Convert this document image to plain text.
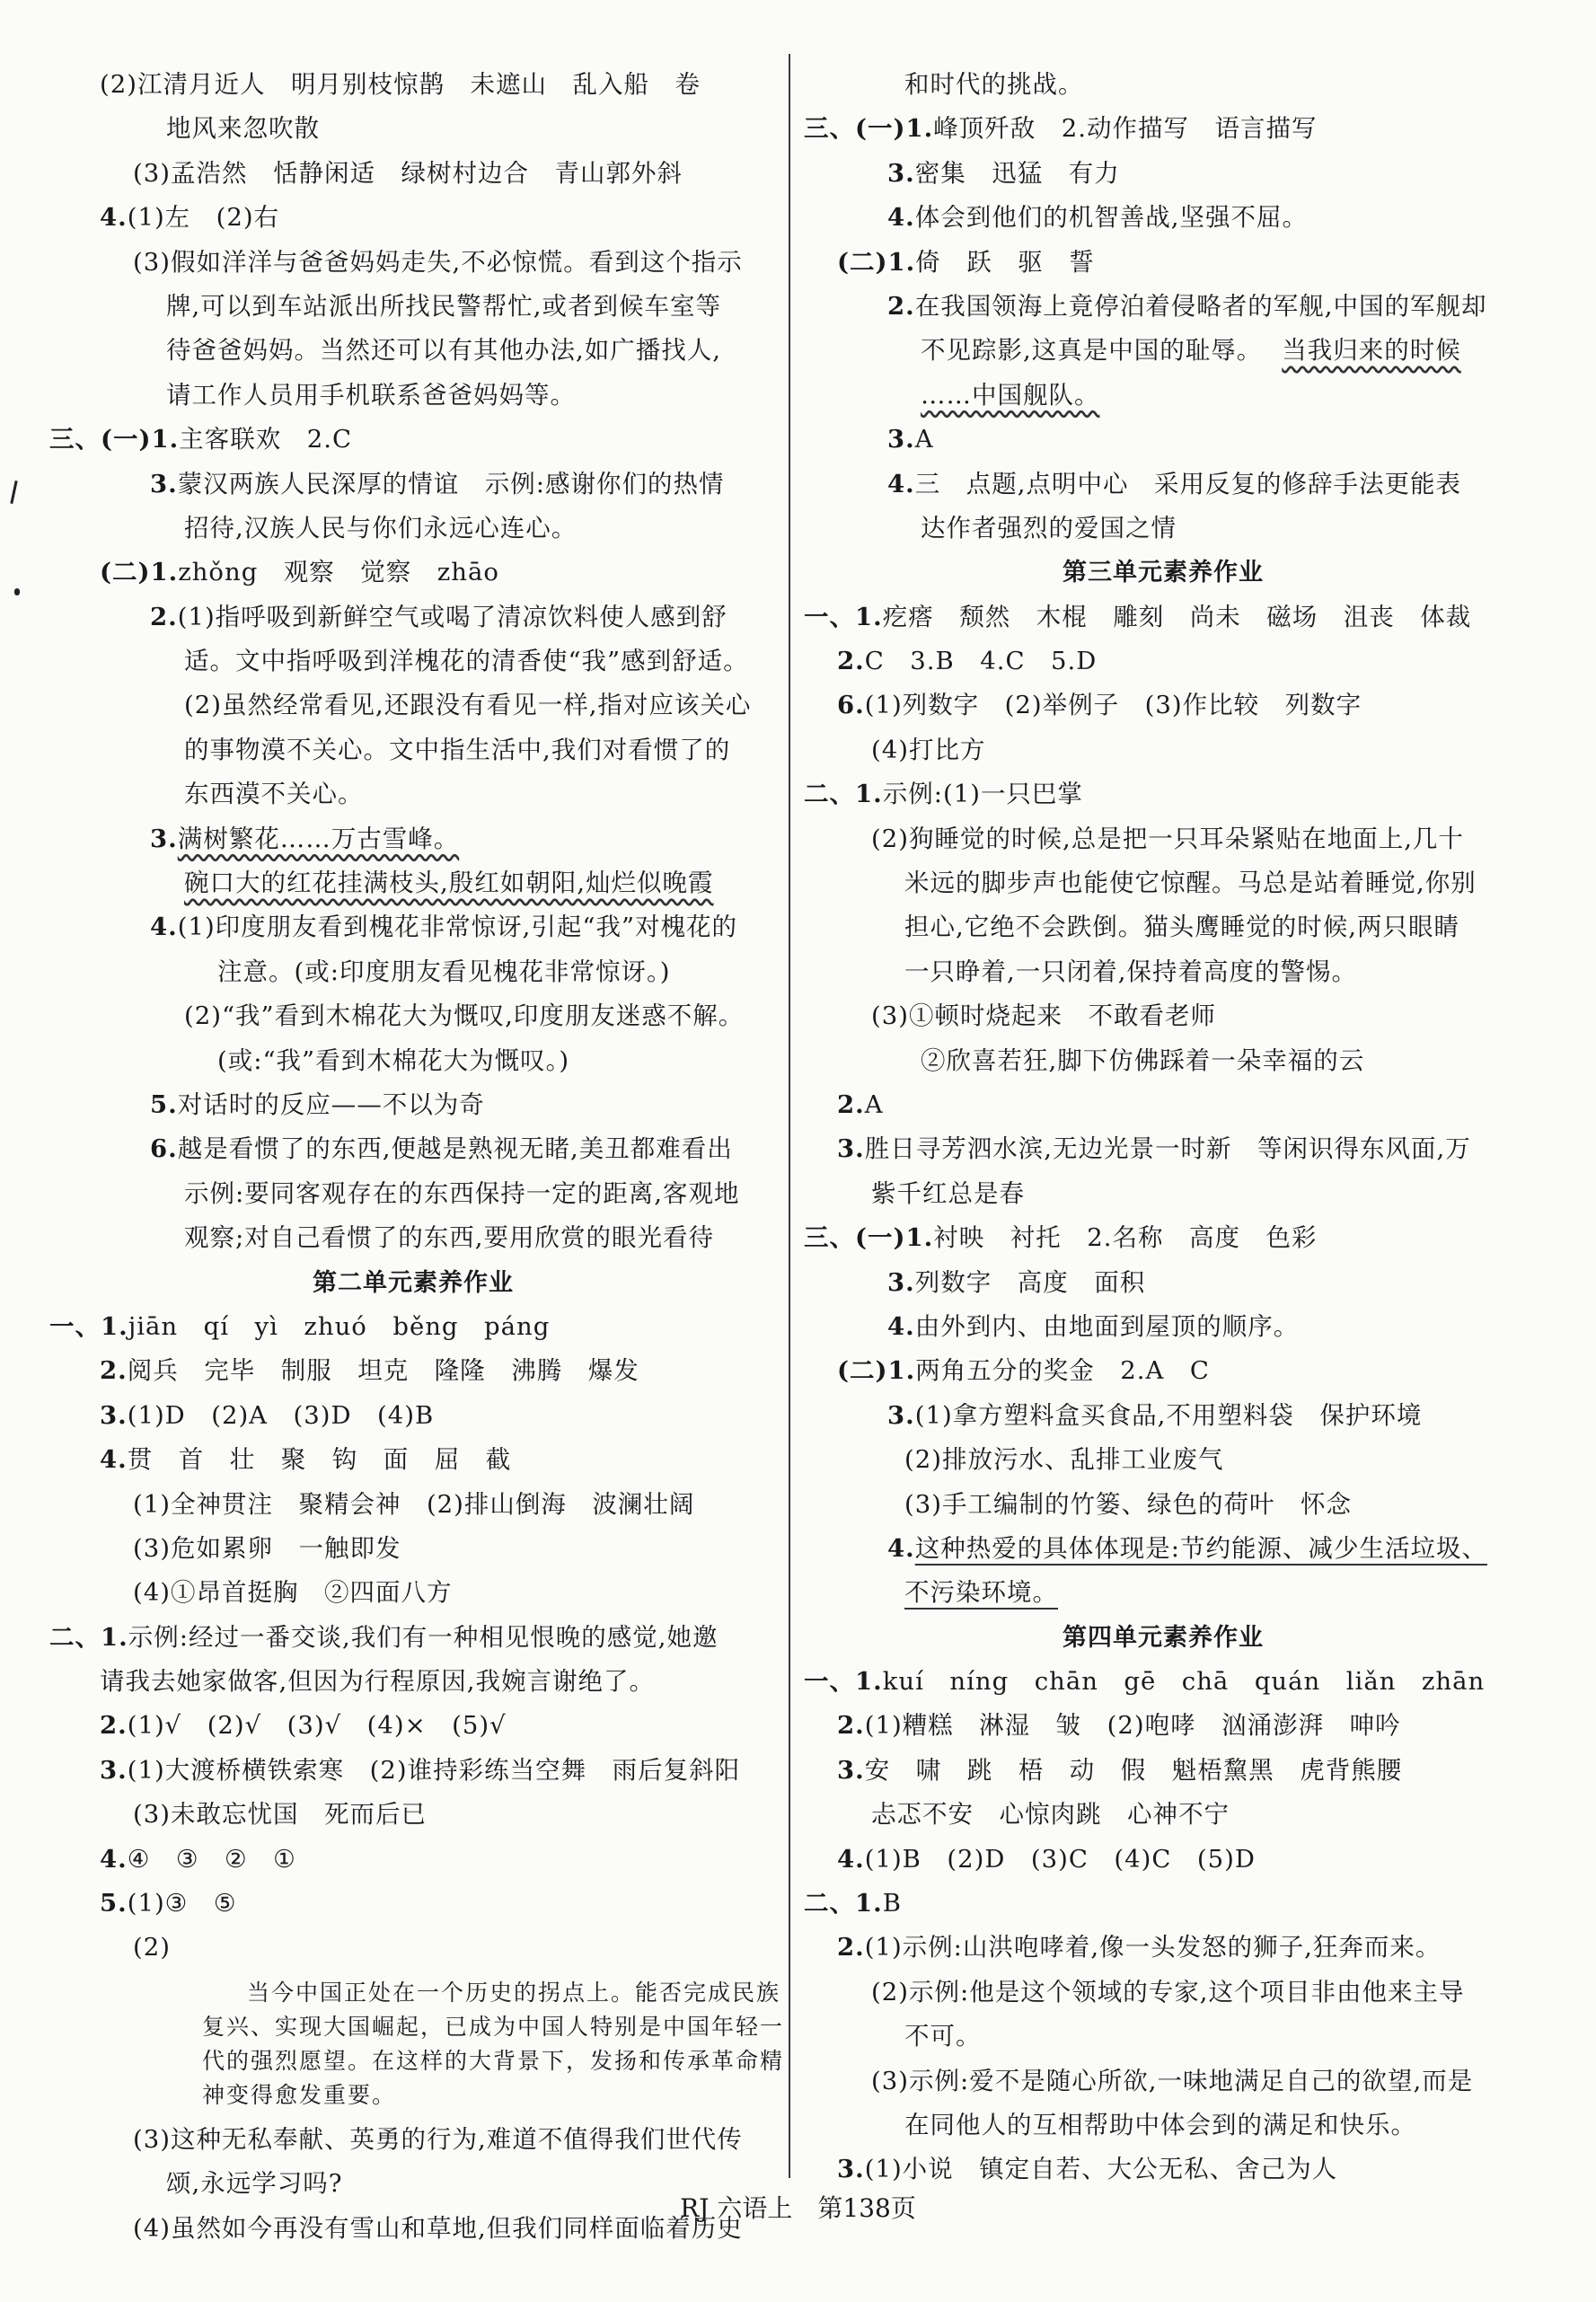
(2)江清月近人　明月别枝惊鹊　未遮山　乱入船　卷
地风来忽吹散
(3)孟浩然　恬静闲适　绿树村边合　青山郭外斜
4.(1)左　(2)右
(3)假如洋洋与爸爸妈妈走失,不必惊慌。看到这个指示
牌,可以到车站派出所找民警帮忙,或者到候车室等
待爸爸妈妈。当然还可以有其他办法,如广播找人,
请工作人员用手机联系爸爸妈妈等。
三、(一)1.主客联欢　2.C
3.蒙汉两族人民深厚的情谊　示例:感谢你们的热情
招待,汉族人民与你们永远心连心。
(二)1.zhǒng　观察　觉察　zhāo
2.(1)指呼吸到新鲜空气或喝了清凉饮料使人感到舒
适。文中指呼吸到洋槐花的清香使“我”感到舒适。
(2)虽然经常看见,还跟没有看见一样,指对应该关心
的事物漠不关心。文中指生活中,我们对看惯了的
东西漠不关心。
3.满树繁花……万古雪峰。
碗口大的红花挂满枝头,殷红如朝阳,灿烂似晚霞
4.(1)印度朋友看到槐花非常惊讶,引起“我”对槐花的
注意。(或:印度朋友看见槐花非常惊讶。)
(2)“我”看到木棉花大为慨叹,印度朋友迷惑不解。
(或:“我”看到木棉花大为慨叹。)
5.对话时的反应——不以为奇
6.越是看惯了的东西,便越是熟视无睹,美丑都难看出
示例:要同客观存在的东西保持一定的距离,客观地
观察;对自己看惯了的东西,要用欣赏的眼光看待
第二单元素养作业
一、1.jiān　qí　yì　zhuó　běng　páng
2.阅兵　完毕　制服　坦克　隆隆　沸腾　爆发
3.(1)D　(2)A　(3)D　(4)B
4.贯　首　壮　聚　钩　面　屈　截
(1)全神贯注　聚精会神　(2)排山倒海　波澜壮阔
(3)危如累卵　一触即发
(4)①昂首挺胸　②四面八方
二、1.示例:经过一番交谈,我们有一种相见恨晚的感觉,她邀
请我去她家做客,但因为行程原因,我婉言谢绝了。
2.(1)√　(2)√　(3)√　(4)×　(5)√
3.(1)大渡桥横铁索寒　(2)谁持彩练当空舞　雨后复斜阳
(3)未敢忘忧国　死而后已
4.④　③　②　①
5.(1)③　⑤
(2)
当今中国正处在一个历史的拐点上。能否完成民族
复兴、实现大国崛起，已成为中国人特别是中国年轻一
代的强烈愿望。在这样的大背景下，发扬和传承革命精
神变得愈发重要。
(3)这种无私奉献、英勇的行为,难道不值得我们世代传
颂,永远学习吗?
(4)虽然如今再没有雪山和草地,但我们同样面临着历史
和时代的挑战。
三、(一)1.峰顶歼敌　2.动作描写　语言描写
3.密集　迅猛　有力
4.体会到他们的机智善战,坚强不屈。
(二)1.倚　跃　驱　誓
2.在我国领海上竟停泊着侵略者的军舰,中国的军舰却
不见踪影,这真是中国的耻辱。 当我归来的时候
……中国舰队。
3.A
4.三　点题,点明中心　采用反复的修辞手法更能表
达作者强烈的爱国之情
第三单元素养作业
一、1.疙瘩　颓然　木棍　雕刻　尚未　磁场　沮丧　体裁
2.C　3.B　4.C　5.D
6.(1)列数字　(2)举例子　(3)作比较　列数字
(4)打比方
二、1.示例:(1)一只巴掌
(2)狗睡觉的时候,总是把一只耳朵紧贴在地面上,几十
米远的脚步声也能使它惊醒。马总是站着睡觉,你别
担心,它绝不会跌倒。猫头鹰睡觉的时候,两只眼睛
一只睁着,一只闭着,保持着高度的警惕。
(3)①顿时烧起来　不敢看老师
②欣喜若狂,脚下仿佛踩着一朵幸福的云
2.A
3.胜日寻芳泗水滨,无边光景一时新　等闲识得东风面,万
紫千红总是春
三、(一)1.衬映　衬托　2.名称　高度　色彩
3.列数字　高度　面积
4.由外到内、由地面到屋顶的顺序。
(二)1.两角五分的奖金　2.A　C
3.(1)拿方塑料盒买食品,不用塑料袋　保护环境
(2)排放污水、乱排工业废气
(3)手工编制的竹篓、绿色的荷叶　怀念
4.这种热爱的具体体现是:节约能源、减少生活垃圾、
不污染环境。
第四单元素养作业
一、1.kuí　níng　chān　gē　chā　quán　liǎn　zhān
2.(1)糟糕　淋湿　皱　(2)咆哮　汹涌澎湃　呻吟
3.安　啸　跳　梧　动　假　魁梧黧黑　虎背熊腰
忐忑不安　心惊肉跳　心神不宁
4.(1)B　(2)D　(3)C　(4)C　(5)D
二、1.B
2.(1)示例:山洪咆哮着,像一头发怒的狮子,狂奔而来。
(2)示例:他是这个领域的专家,这个项目非由他来主导
不可。
(3)示例:爱不是随心所欲,一味地满足自己的欲望,而是
在同他人的互相帮助中体会到的满足和快乐。
3.(1)小说　镇定自若、大公无私、舍己为人
RJ 六语上　第138页
